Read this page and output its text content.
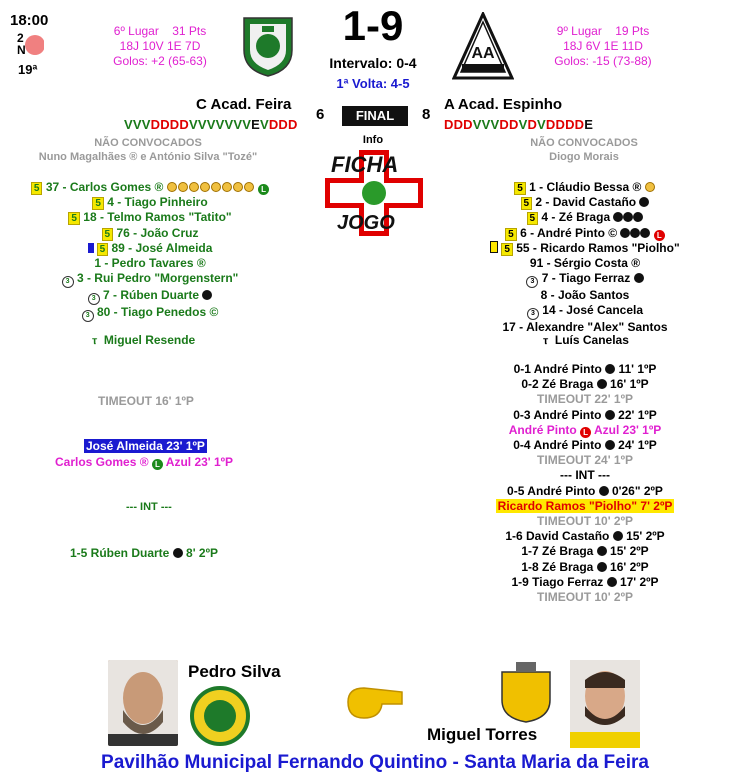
18:00
2
N
19ª
6º Lugar 31 Pts
18J 10V 1E 7D
Golos: +2 (65-63)
1-9
Intervalo: 0-4
1ª Volta: 4-5
AA
9º Lugar 19 Pts
18J 6V 1E 11D
Golos: -15 (73-88)
C Acad. Feira
6	FINAL	8
A Acad. Espinho
VVVDDDDVVVVVVVEVDDD	DDDVVVDDVDVDDDDE
Info
FICHA
JOGO
NÃO CONVOCADOS
Nuno Magalhães ® e António Silva "Tozé"
NÃO CONVOCADOS
Diogo Morais
5 37 - Carlos Gomes ®	L
5 4 - Tiago Pinheiro
5 18 - Telmo Ramos "Tatito"
5 76 - João Cruz
5 89 - José Almeida
1 - Pedro Tavares ®
3 3 - Rui Pedro "Morgenstern"
3 7 - Rúben Duarte
3 80 - Tiago Penedos ©
ⲧ Miguel Resende
TIMEOUT 16' 1ºP
José Almeida 23' 1ºP
Carlos Gomes ® L Azul 23' 1ºP
--- INT ---
1-5 Rúben Duarte 8' 2ºP
5 1 - Cláudio Bessa ®
5 2 - David Castaño
5 4 - Zé Braga
5 6 - André Pinto ©	L
5 55 - Ricardo Ramos "Piolho"
91 - Sérgio Costa ®
3 7 - Tiago Ferraz
8 - João Santos
3 14 - José Cancela
17 - Alexandre "Alex" Santos
ⲧ Luís Canelas
0-1 André Pinto 11' 1ºP
0-2 Zé Braga 16' 1ºP
TIMEOUT 22' 1ºP
0-3 André Pinto 22' 1ºP
André Pinto L Azul 23' 1ºP
0-4 André Pinto 24' 1ºP
TIMEOUT 24' 1ºP
--- INT ---
0-5 André Pinto 0'26" 2ºP
Ricardo Ramos "Piolho" 7' 2ºP
TIMEOUT 10' 2ºP
1-6 David Castaño 15' 2ºP
1-7 Zé Braga 15' 2ºP
1-8 Zé Braga 16' 2ºP
1-9 Tiago Ferraz 17' 2ºP
TIMEOUT 10' 2ºP
Pedro Silva
Miguel Torres
Pavilhão Municipal Fernando Quintino - Santa Maria da Feira
